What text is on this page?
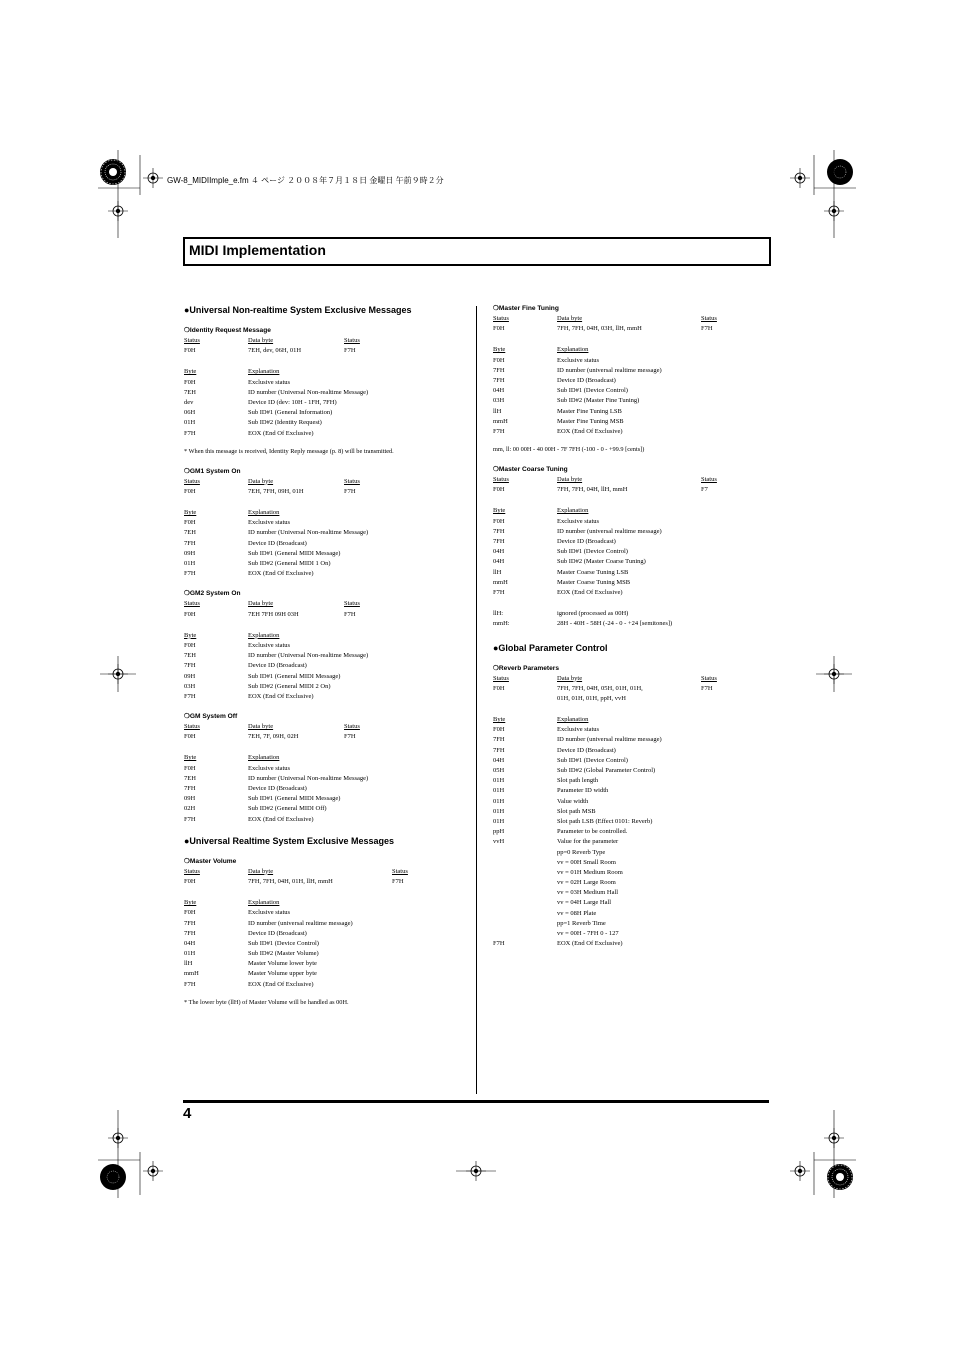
GW-8_MIDIImple_e.fm ４ ページ ２００８年７月１８日 金曜日 午前９時２分
MIDI Implementation
●Universal Non-realtime System Exclusive Messages
❍Identity Request Message
Status	Data byte	Status
F0H	7EH, dev, 06H, 01H	F7H
Byte	Explanation
F0H	Exclusive status
7EH	ID number (Universal Non-realtime Message)
dev	Device ID (dev: 10H - 1FH, 7FH)
06H	Sub ID#1 (General Information)
01H	Sub ID#2 (Identity Request)
F7H	EOX (End Of Exclusive)
* When this message is received, Identity Reply message (p. 8) will be transmitted.
❍GM1 System On
Status	Data byte	Status
F0H	7EH, 7FH, 09H, 01H	F7H
Byte	Explanation
F0H	Exclusive status
7EH	ID number (Universal Non-realtime Message)
7FH	Device ID (Broadcast)
09H	Sub ID#1 (General MIDI Message)
01H	Sub ID#2 (General MIDI 1 On)
F7H	EOX (End Of Exclusive)
❍GM2 System On
Status	Data byte	Status
F0H	7EH 7FH 09H 03H	F7H
Byte	Explanation
F0H	Exclusive status
7EH	ID number (Universal Non-realtime Message)
7FH	Device ID (Broadcast)
09H	Sub ID#1 (General MIDI Message)
03H	Sub ID#2 (General MIDI 2 On)
F7H	EOX (End Of Exclusive)
❍GM System Off
Status	Data byte	Status
F0H	7EH, 7F, 09H, 02H	F7H
Byte	Explanation
F0H	Exclusive status
7EH	ID number (Universal Non-realtime Message)
7FH	Device ID (Broadcast)
09H	Sub ID#1 (General MIDI Message)
02H	Sub ID#2 (General MIDI Off)
F7H	EOX (End Of Exclusive)
●Universal Realtime System Exclusive Messages
❍Master Volume
Status	Data byte	Status
F0H	7FH, 7FH, 04H, 01H, llH, mmH	F7H
Byte	Explanation
F0H	Exclusive status
7FH	ID number (universal realtime message)
7FH	Device ID (Broadcast)
04H	Sub ID#1 (Device Control)
01H	Sub ID#2 (Master Volume)
llH	Master Volume lower byte
mmH	Master Volume upper byte
F7H	EOX (End Of Exclusive)
* The lower byte (llH) of Master Volume will be handled as 00H.
❍Master Fine Tuning
Status	Data byte	Status
F0H	7FH, 7FH, 04H, 03H, llH, mmH	F7H
Byte	Explanation
F0H	Exclusive status
7FH	ID number (universal realtime message)
7FH	Device ID (Broadcast)
04H	Sub ID#1 (Device Control)
03H	Sub ID#2 (Master Fine Tuning)
llH	Master Fine Tuning LSB
mmH	Master Fine Tuning MSB
F7H	EOX (End Of Exclusive)
mm, ll: 00 00H - 40 00H - 7F 7FH (-100 - 0 - +99.9 [cents])
❍Master Coarse Tuning
Status	Data byte	Status
F0H	7FH, 7FH, 04H, llH, mmH	F7
Byte	Explanation
F0H	Exclusive status
7FH	ID number (universal realtime message)
7FH	Device ID (Broadcast)
04H	Sub ID#1 (Device Control)
04H	Sub ID#2 (Master Coarse Tuning)
llH	Master Coarse Tuning LSB
mmH	Master Coarse Tuning MSB
F7H	EOX (End Of Exclusive)
llH:	ignored (processed as 00H)
mmH:	28H - 40H - 58H (-24 - 0 - +24 [semitones])
●Global Parameter Control
❍Reverb Parameters
Status	Data byte	Status
F0H	7FH, 7FH, 04H, 05H, 01H, 01H,	F7H
01H, 01H, 01H, ppH, vvH
Byte	Explanation
F0H	Exclusive status
7FH	ID number (universal realtime message)
7FH	Device ID (Broadcast)
04H	Sub ID#1 (Device Control)
05H	Sub ID#2 (Global Parameter Control)
01H	Slot path length
01H	Parameter ID width
01H	Value width
01H	Slot path MSB
01H	Slot path LSB (Effect 0101: Reverb)
ppH	Parameter to be controlled.
vvH	Value for the parameter
pp=0 Reverb Type
vv = 00H Small Room
vv = 01H Medium Room
vv = 02H Large Room
vv = 03H Medium Hall
vv = 04H Large Hall
vv = 08H Plate
pp=1 Reverb Time
vv = 00H - 7FH 0 - 127
F7H	EOX (End Of Exclusive)
4
